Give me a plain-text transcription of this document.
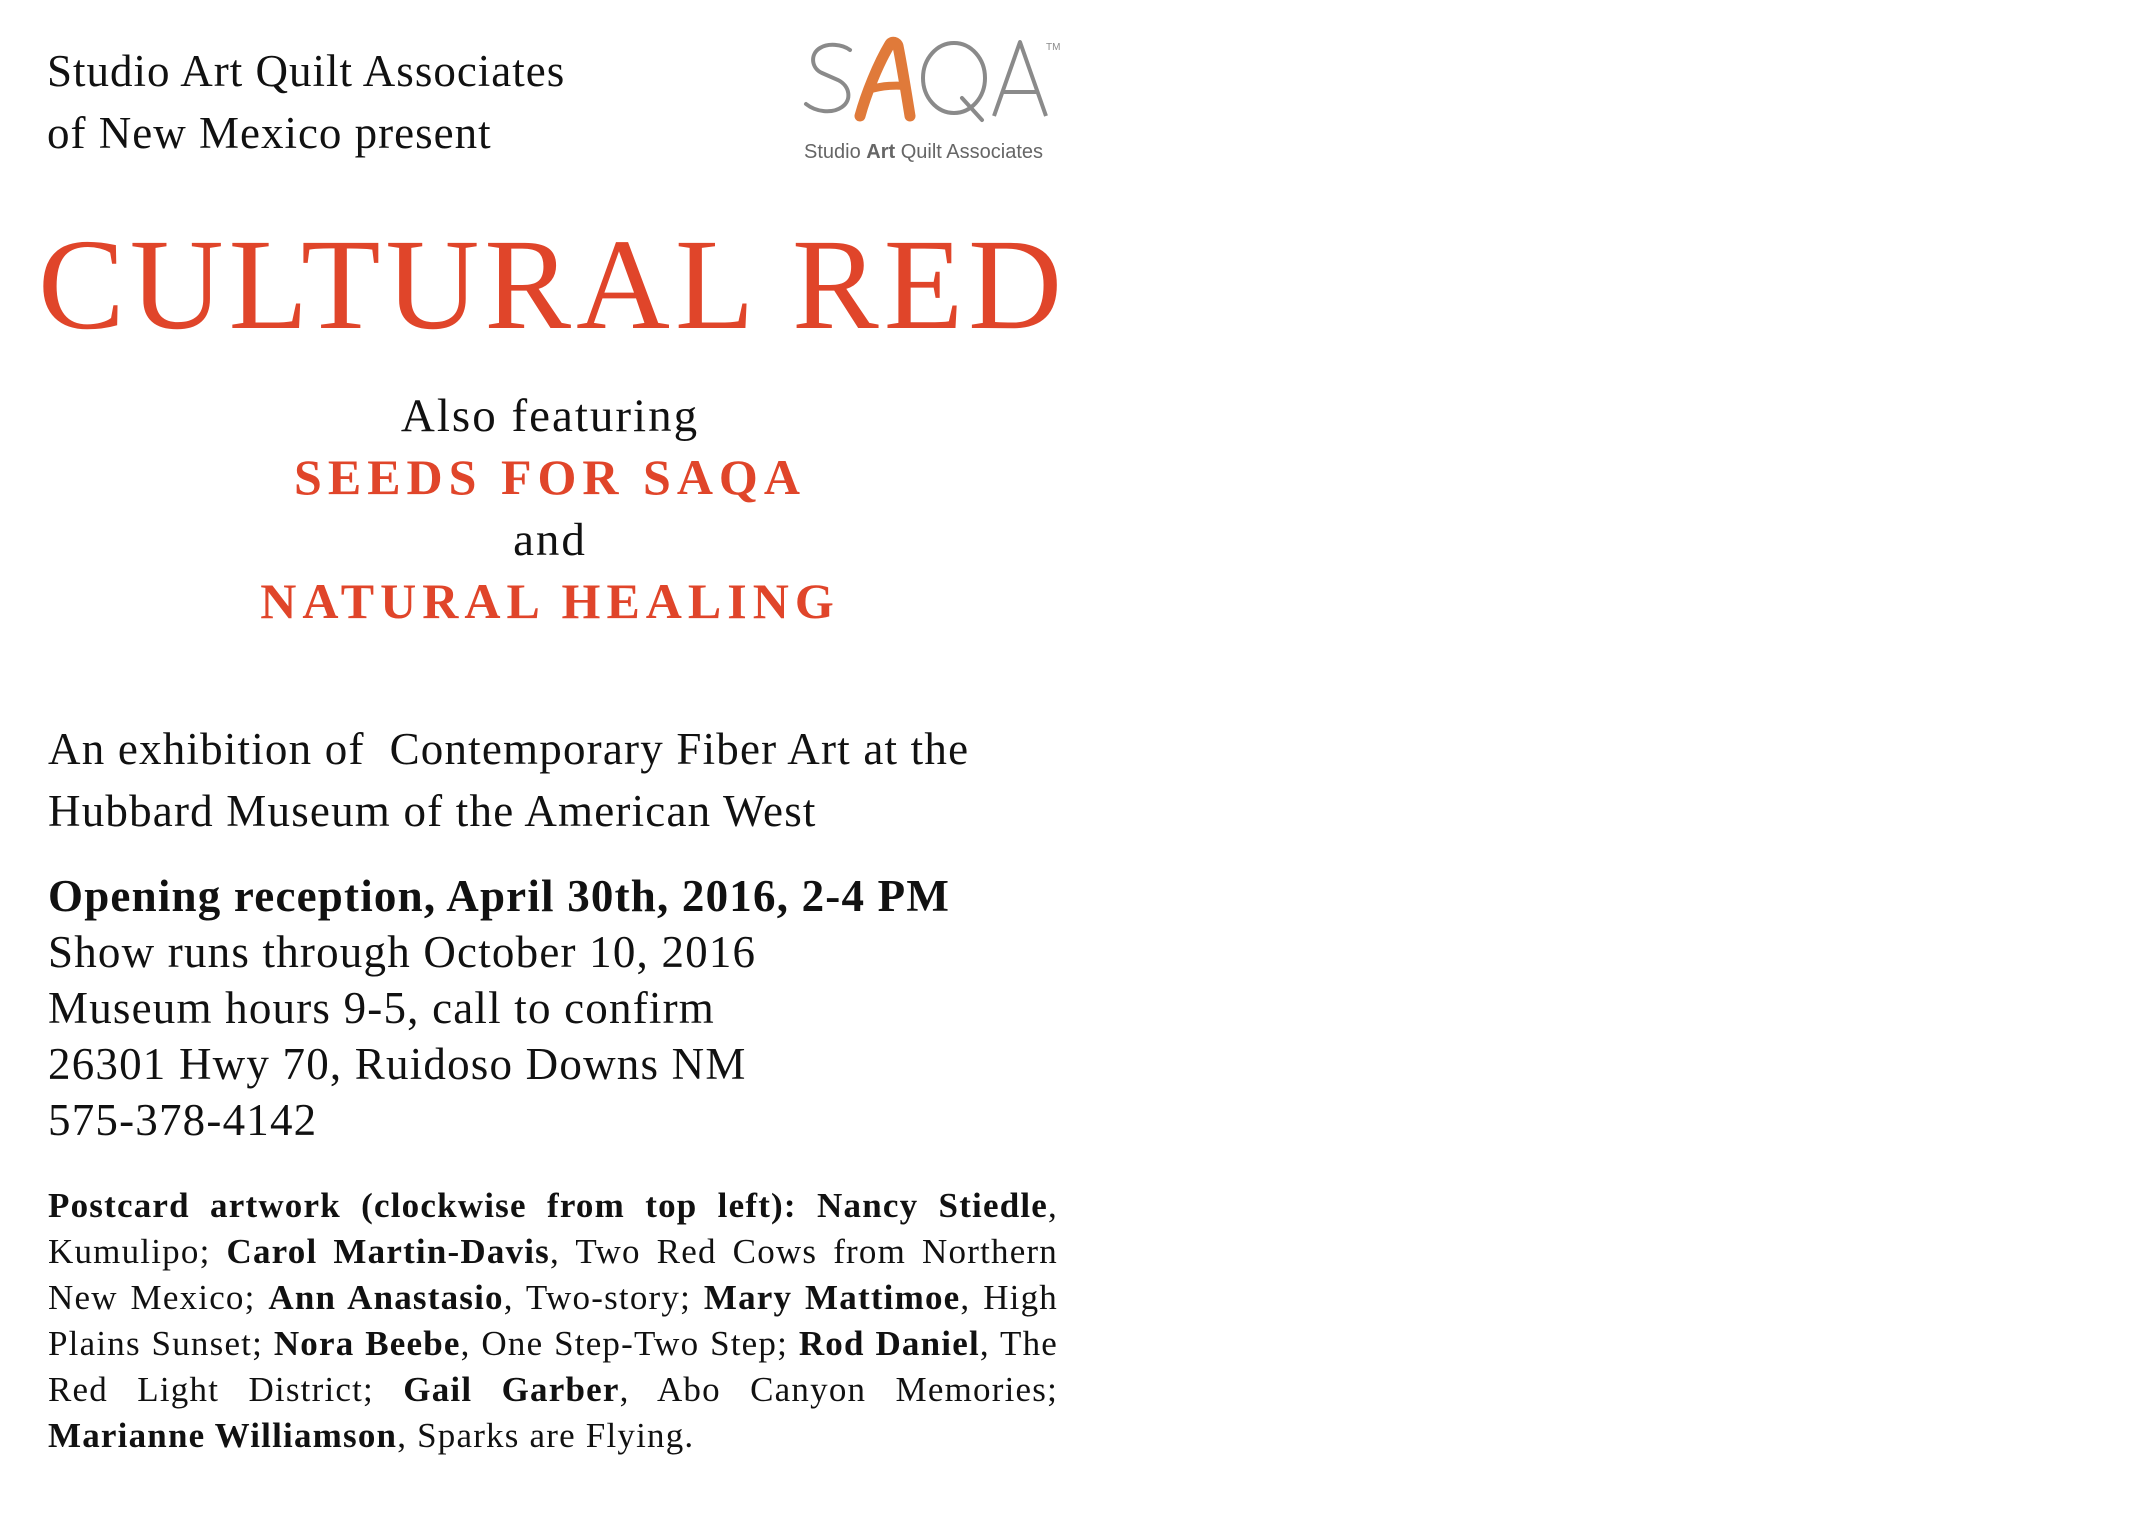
Studio Art Quilt Associates
of New Mexico present
TM
Studio Art Quilt Associates
CULTURAL RED
Also featuring
SEEDS FOR SAQA
and
NATURAL HEALING
An exhibition of  Contemporary Fiber Art at the
Hubbard Museum of the American West
Opening reception, April 30th, 2016, 2-4 PM
Show runs through October 10, 2016
Museum hours 9-5, call to confirm
26301 Hwy 70, Ruidoso Downs NM
575-378-4142
Postcard artwork (clockwise from top left): Nancy Stiedle, Kumulipo; Carol Martin-Davis, Two Red Cows from Northern New Mexico; Ann Anastasio, Two-story; Mary Mattimoe, High Plains Sunset; Nora Beebe, One Step-Two Step; Rod Daniel, The Red Light District; Gail Garber, Abo Canyon Memories; Marianne Williamson, Sparks are Flying.
